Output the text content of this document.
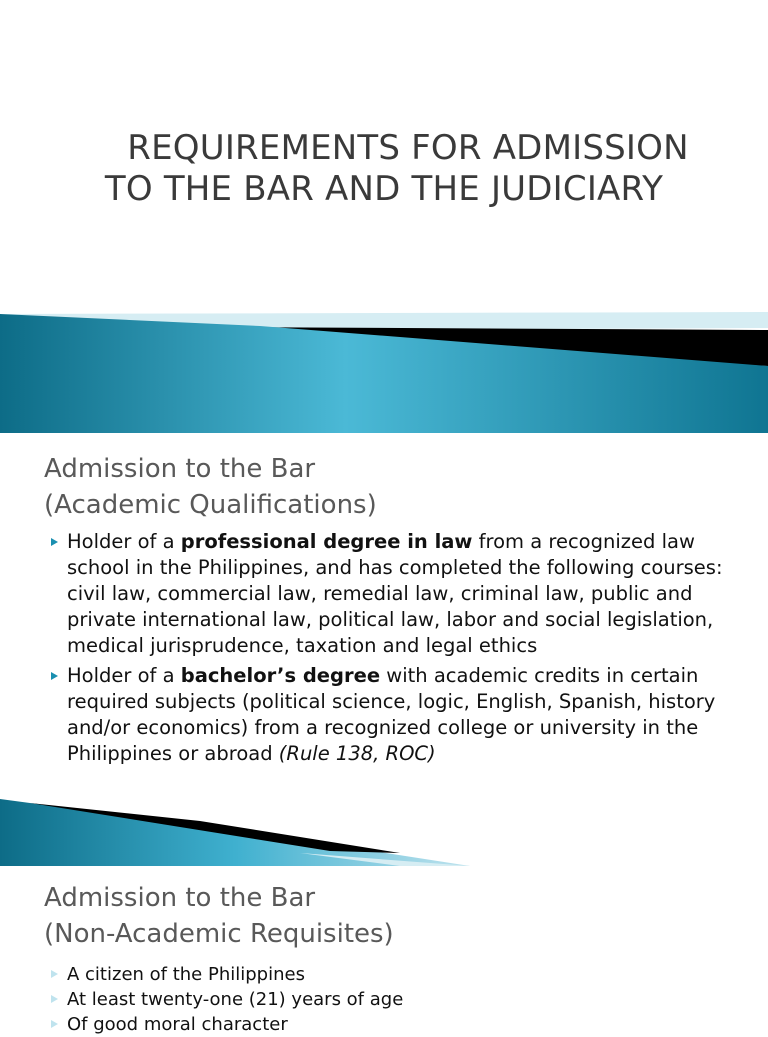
REQUIREMENTS FOR ADMISSION
TO THE BAR AND THE JUDICIARY
Admission to the Bar
(Academic Qualifications)
Holder of a professional degree in law from a recognized law school in the Philippines, and has completed the following courses: civil law, commercial law, remedial law, criminal law, public and private international law, political law, labor and social legislation, medical jurisprudence, taxation and legal ethics
Holder of a bachelor’s degree with academic credits in certain required subjects (political science, logic, English, Spanish, history and/or economics) from a recognized college or university in the Philippines or abroad (Rule 138, ROC)
Admission to the Bar
(Non-Academic Requisites)
A citizen of the Philippines
At least twenty-one (21) years of age
Of good moral character
